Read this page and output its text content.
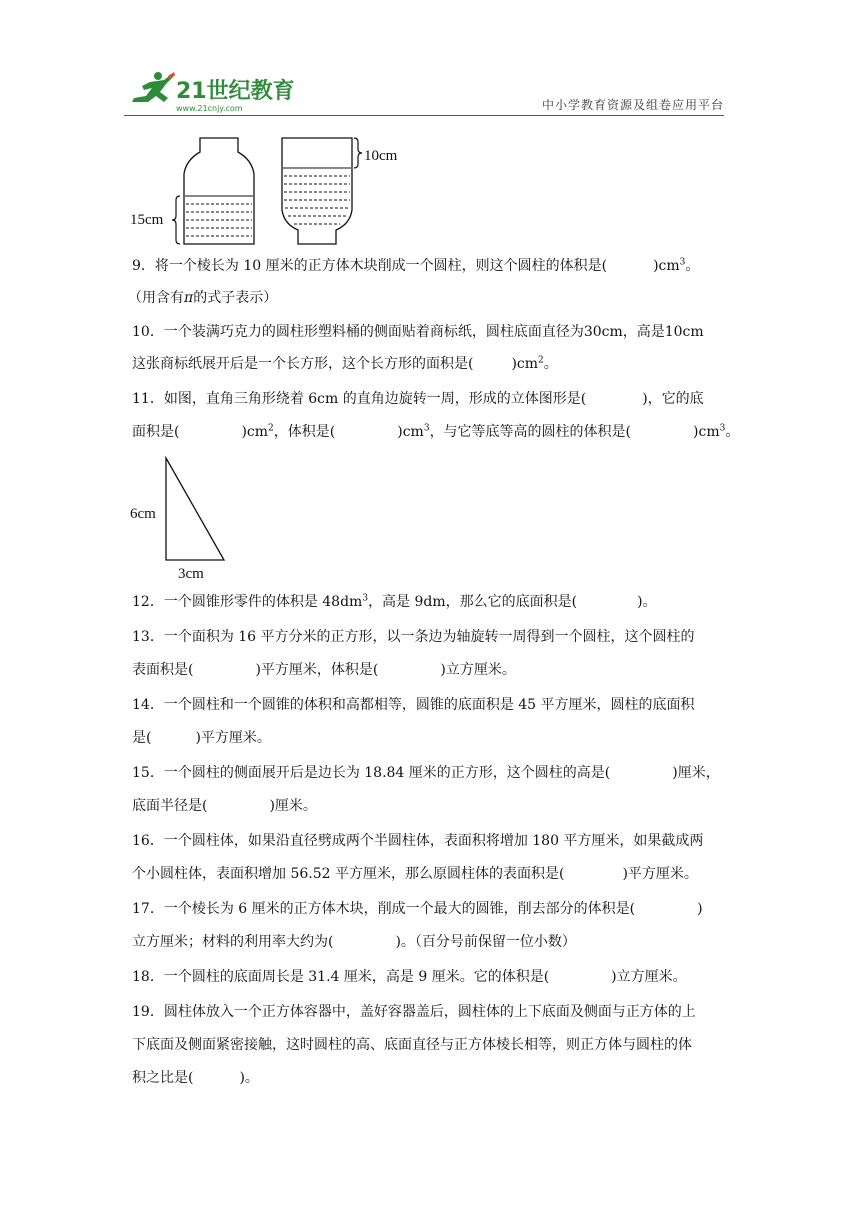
21世纪教育
www.21cnjy.com	中小学教育资源及组卷应用平台
15cm
10cm
9．将一个棱长为 10 厘米的正方体木块削成一个圆柱，则这个圆柱的体积是(	)$cm^3$。
（用含有π的式子表示）
10．一个装满巧克力的圆柱形塑料桶的侧面贴着商标纸，圆柱底面直径为30cm，高是10cm
这张商标纸展开后是一个长方形，这个长方形的面积是(	)$cm^2$。
11．如图，直角三角形绕着 6cm 的直角边旋转一周，形成的立体图形是(	)，它的底
面积是(	)$cm^2$，体积是(	)$cm^3$，与它等底等高的圆柱的体积是(	)$cm^3$。
6cm
3cm
12．一个圆锥形零件的体积是 $48dm^3$，高是 9dm，那么它的底面积是(	)。
13．一个面积为 16 平方分米的正方形，以一条边为轴旋转一周得到一个圆柱，这个圆柱的
表面积是(	)平方厘米，体积是(	)立方厘米。
14．一个圆柱和一个圆锥的体积和高都相等，圆锥的底面积是 45 平方厘米，圆柱的底面积
是(	)平方厘米。
15．一个圆柱的侧面展开后是边长为 18.84 厘米的正方形，这个圆柱的高是(	)厘米，
底面半径是(	)厘米。
16．一个圆柱体，如果沿直径劈成两个半圆柱体，表面积将增加 180 平方厘米，如果截成两
个小圆柱体，表面积增加 56.52 平方厘米，那么原圆柱体的表面积是(	)平方厘米。
17．一个棱长为 6 厘米的正方体木块，削成一个最大的圆锥，削去部分的体积是(	)
立方厘米；材料的利用率大约为(	)。（百分号前保留一位小数）
18．一个圆柱的底面周长是 31.4 厘米，高是 9 厘米。它的体积是(	)立方厘米。
19．圆柱体放入一个正方体容器中，盖好容器盖后，圆柱体的上下底面及侧面与正方体的上
下底面及侧面紧密接触，这时圆柱的高、底面直径与正方体棱长相等，则正方体与圆柱的体
积之比是(	)。
